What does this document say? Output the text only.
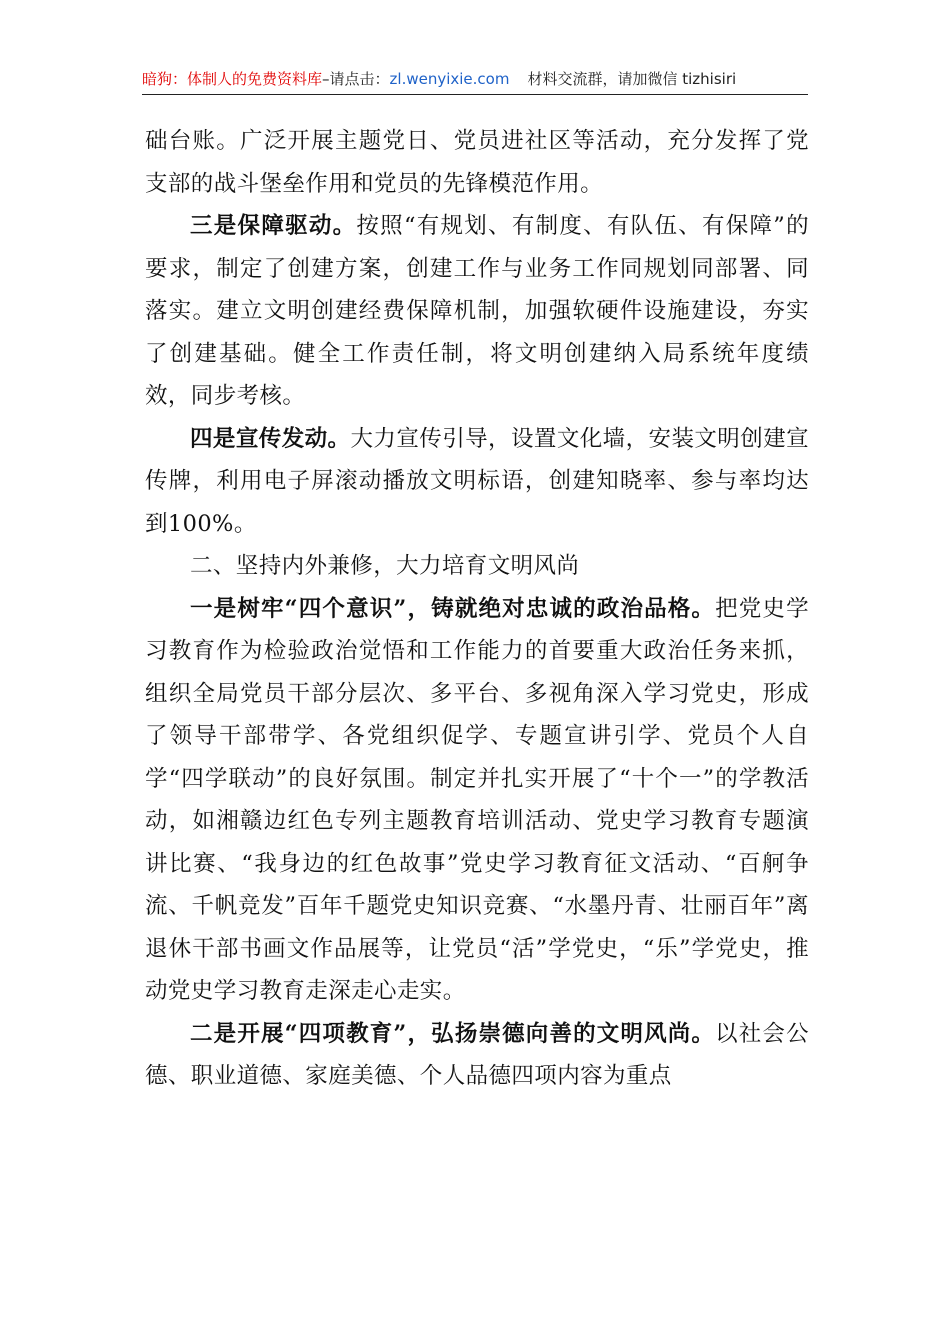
暗狗：体制人的免费资料库–请点击：zl.wenyixie.com 材料交流群，请加微信 tizhisiri

础台账。广泛开展主题党日、党员进社区等活动，充分发挥了党支部的战斗堡垒作用和党员的先锋模范作用。

三是保障驱动。按照“有规划、有制度、有队伍、有保障”的要求，制定了创建方案，创建工作与业务工作同规划同部署、同落实。建立文明创建经费保障机制，加强软硬件设施建设，夯实了创建基础。健全工作责任制，将文明创建纳入局系统年度绩效，同步考核。

四是宣传发动。大力宣传引导，设置文化墙，安装文明创建宣传牌，利用电子屏滚动播放文明标语，创建知晓率、参与率均达到100%。

二、坚持内外兼修，大力培育文明风尚

一是树牢“四个意识”，铸就绝对忠诚的政治品格。把党史学习教育作为检验政治觉悟和工作能力的首要重大政治任务来抓，组织全局党员干部分层次、多平台、多视角深入学习党史，形成了领导干部带学、各党组织促学、专题宣讲引学、党员个人自学“四学联动”的良好氛围。制定并扎实开展了“十个一”的学教活动，如湘赣边红色专列主题教育培训活动、党史学习教育专题演讲比赛、“我身边的红色故事”党史学习教育征文活动、“百舸争流、千帆竞发”百年千题党史知识竞赛、“水墨丹青、壮丽百年”离退休干部书画文作品展等，让党员“活”学党史，“乐”学党史，推动党史学习教育走深走心走实。

二是开展“四项教育”，弘扬崇德向善的文明风尚。以社会公德、职业道德、家庭美德、个人品德四项内容为重点
